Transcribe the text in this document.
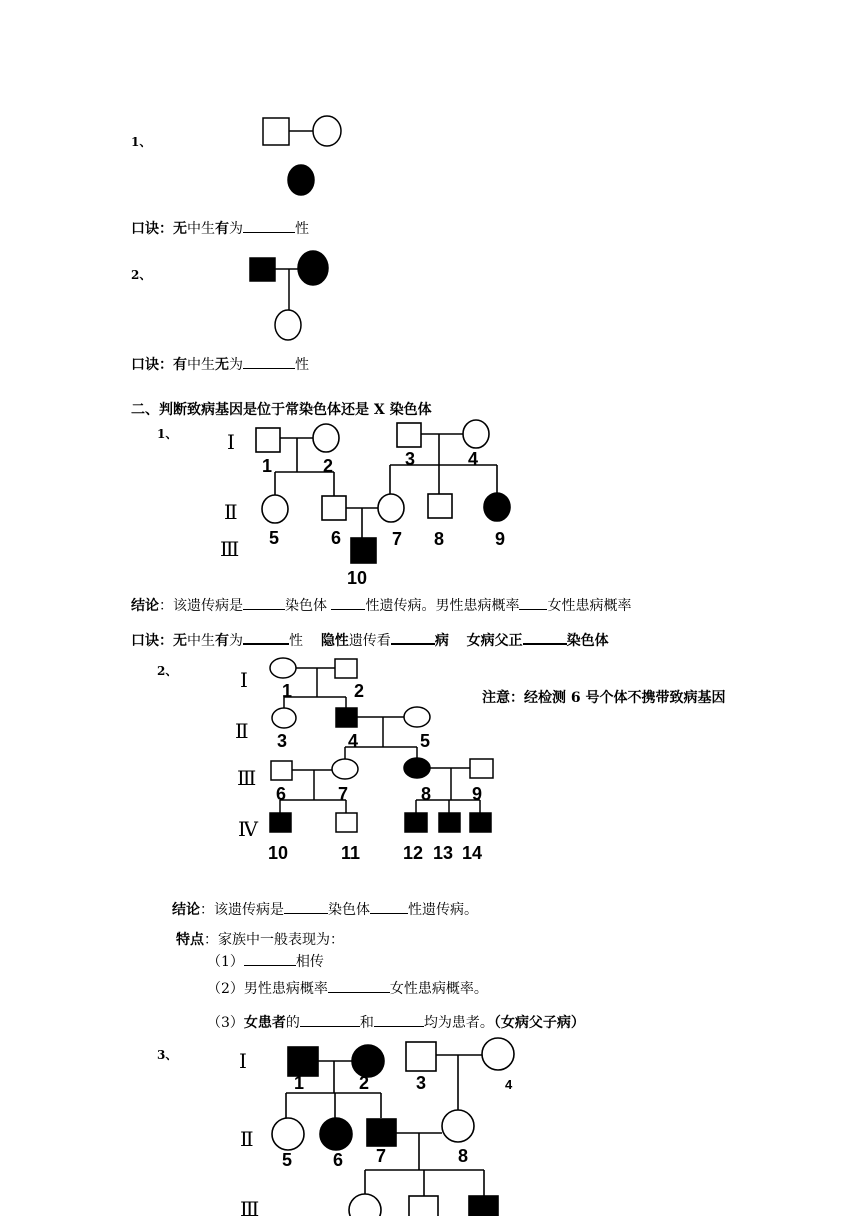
1、
口诀：无中生有为	性
2、
口诀：有中生无为	性
二、判断致病基因是位于常染色体还是 X 染色体
1、 Ⅰ
Ⅱ
Ⅲ
1	2	3	4
5	6	7 8	9
10
结论：该遗传病是	染色体	性遗传病。男性患病概率 女性患病概率
口诀：无中生有为	性 隐性遗传看	病 女病父正	染色体
2、
注意：经检测 6 号个体不携带致病基因
Ⅰ
Ⅱ
Ⅲ
Ⅳ
1	2
3	4	5
6	7	8 9
10	11 12 13 14
结论：该遗传病是	染色体	性遗传病。
特点：家族中一般表现为：
（1）	相传
（2）男性患病概率	女性患病概率。
（3）女患者的	和	均为患者。（女病父子病）
3、	Ⅰ
Ⅱ
Ⅲ
1	2	3
5 6 7	8
4
